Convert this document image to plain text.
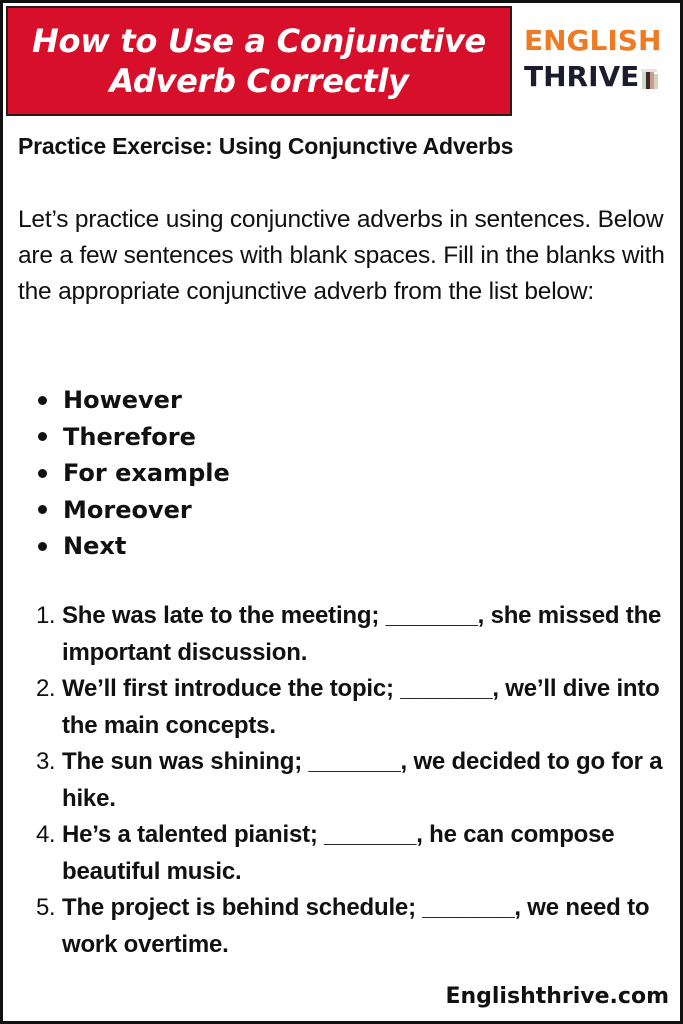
How to Use a Conjunctive
Adverb Correctly
ENGLISH
THRIVE
Practice Exercise: Using Conjunctive Adverbs
Let’s practice using conjunctive adverbs in sentences. Below are a few sentences with blank spaces. Fill in the blanks with the appropriate conjunctive adverb from the list below:
However
Therefore
For example
Moreover
Next
1. She was late to the meeting; _______, she missed the important discussion.
2. We’ll first introduce the topic; _______, we’ll dive into the main concepts.
3. The sun was shining; _______, we decided to go for a hike.
4. He’s a talented pianist; _______, he can compose beautiful music.
5. The project is behind schedule; _______, we need to work overtime.
Englishthrive.com
